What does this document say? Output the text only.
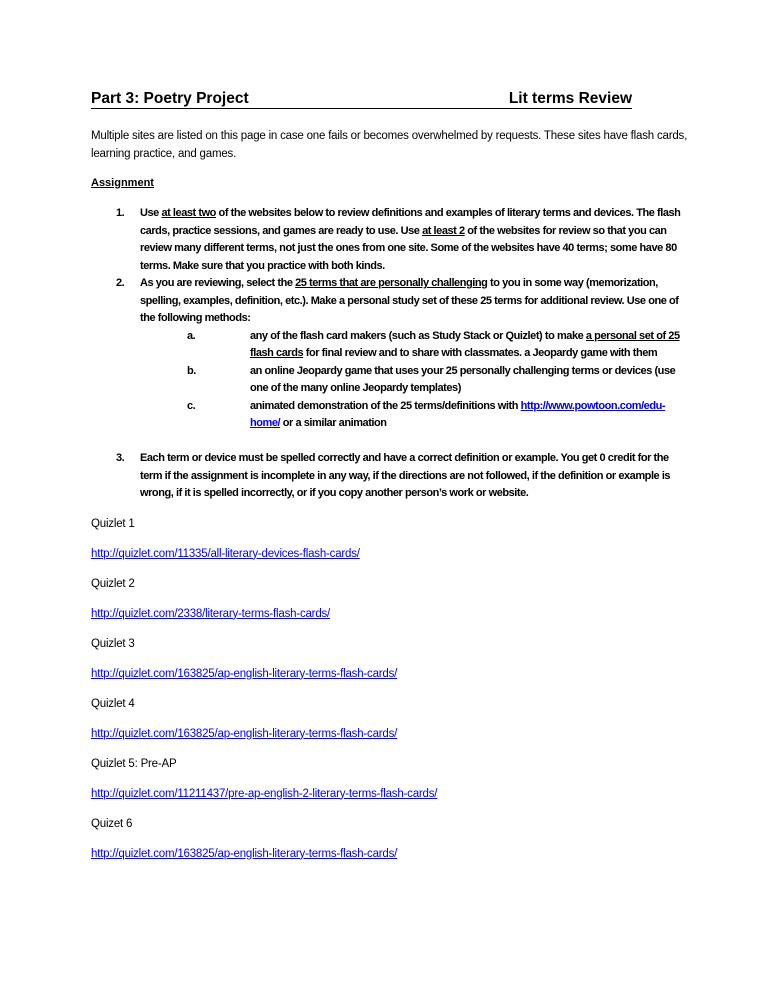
Part 3: Poetry Project	Lit terms Review
Multiple sites are listed on this page in case one fails or becomes overwhelmed by requests. These sites have flash cards, learning practice, and games.
Assignment
1.	Use at least two of the websites below to review definitions and examples of literary terms and devices. The flash cards, practice sessions, and games are ready to use. Use at least 2 of the websites for review so that you can review many different terms, not just the ones from one site. Some of the websites have 40 terms; some have 80 terms. Make sure that you practice with both kinds.
2.	As you are reviewing, select the 25 terms that are personally challenging to you in some way (memorization, spelling, examples, definition, etc.). Make a personal study set of these 25 terms for additional review. Use one of the following methods:
a.	any of the flash card makers (such as Study Stack or Quizlet) to make a personal set of 25 flash cards for final review and to share with classmates. a Jeopardy game with them
b.	an online Jeopardy game that uses your 25 personally challenging terms or devices (use one of the many online Jeopardy templates)
c.	animated demonstration of the 25 terms/definitions with http://www.powtoon.com/edu-home/ or a similar animation
3.	Each term or device must be spelled correctly and have a correct definition or example. You get 0 credit for the term if the assignment is incomplete in any way, if the directions are not followed, if the definition or example is wrong, if it is spelled incorrectly, or if you copy another person’s work or website.
Quizlet 1
http://quizlet.com/11335/all-literary-devices-flash-cards/
Quizlet 2
http://quizlet.com/2338/literary-terms-flash-cards/
Quizlet 3
http://quizlet.com/163825/ap-english-literary-terms-flash-cards/
Quizlet 4
http://quizlet.com/163825/ap-english-literary-terms-flash-cards/
Quizlet 5: Pre-AP
http://quizlet.com/11211437/pre-ap-english-2-literary-terms-flash-cards/
Quizet 6
http://quizlet.com/163825/ap-english-literary-terms-flash-cards/
